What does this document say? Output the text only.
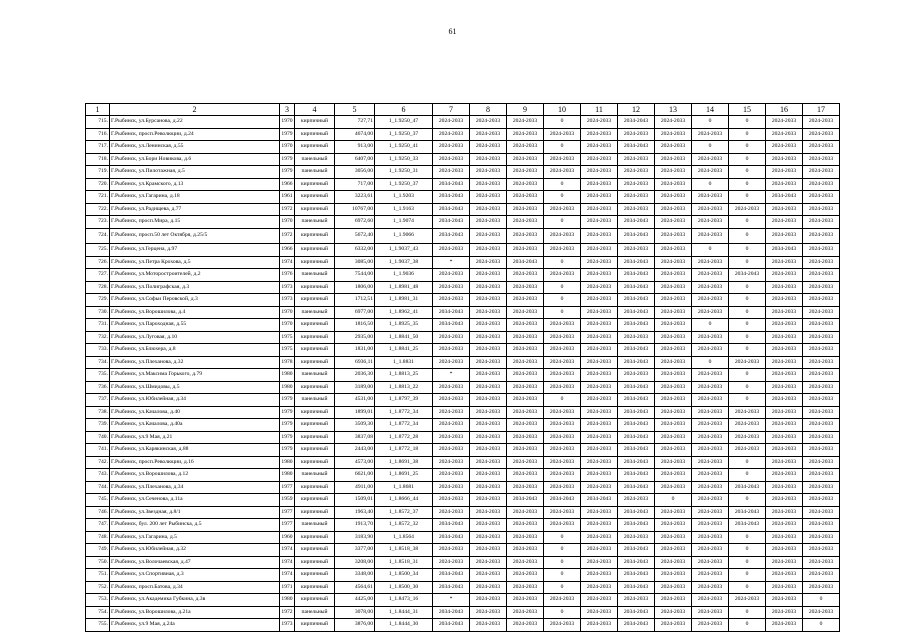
61
1	2	3	4	5	6	7	8	9	10	11	12	13	14	15	16	17
715.	Г.Рыбинск, ул.Бурсанова, д.22	1970	кирпичный	727,71	1_1.9250_47	2024-2033	2024-2033	2024-2033	0	2024-2033	2034-2043	2024-2033	0	0	2024-2033	2024-2033
716.	Г.Рыбинск, просп.Революции, д.24	1979	кирпичный	4674,00	1_1.9250_37	2024-2033	2024-2033	2024-2033	2024-2033	2024-2033	2024-2033	2024-2033	2024-2033	0	2024-2033	2024-2033
717.	Г.Рыбинск, ул.Ленинская, д.55	1970	кирпичный	913,00	1_1.9250_41	2024-2033	2024-2033	2024-2033	0	2024-2033	2034-2043	2024-2033	0	0	2024-2033	2024-2033
718.	Г.Рыбинск, ул.Бори Новикова, д.6	1979	панельный	6407,00	1_1.9250_33	2024-2033	2024-2033	2024-2033	2024-2033	2024-2033	2024-2033	2024-2033	2024-2033	0	2024-2033	2024-2033
719.	Г.Рыбинск, ул.Пилотажная, д.5	1979	панельный	3056,00	1_1.9250_31	2024-2033	2024-2033	2024-2033	2024-2033	2024-2033	2024-2033	2024-2033	2024-2033	0	2024-2033	2024-2033
720.	Г.Рыбинск, ул.Крамского, д.13	1966	кирпичный	717,00	1_1.9250_37	2034-2043	2024-2033	2024-2033	0	2024-2033	2024-2033	2024-2033	0	0	2024-2033	2024-2033
721.	Г.Рыбинск, ул.Гагарина, д.18	1961	кирпичный	3223,61	1_1.9203	2034-2043	2024-2033	2024-2033	0	2024-2033	2024-2033	2024-2033	2024-2033	0	2034-2043	2024-2033
722.	Г.Рыбинск, ул.Радищева, д.77	1972	кирпичный	10767,00	1_1.9163	2034-2043	2024-2033	2024-2033	2024-2033	2024-2033	2024-2033	2024-2033	2024-2033	2024-2033	2024-2033	2024-2033
723.	Г.Рыбинск, просп.Мира, д.15	1970	панельный	6972,60	1_1.9074	2034-2043	2024-2033	2024-2033	0	2024-2033	2034-2043	2024-2033	2024-2033	0	2024-2033	2024-2033
724.	Г.Рыбинск, просп.50 лет Октября, д.25/5	1972	кирпичный	5672,40	1_1.9066	2034-2043	2024-2033	2024-2033	2024-2033	2024-2033	2034-2043	2024-2033	2024-2033	0	2024-2033	2024-2033
725.	Г.Рыбинск, ул.Герцена, д.97	1966	кирпичный	6332,00	1_1.9037_43	2024-2033	2024-2033	2024-2033	2024-2033	2024-2033	2024-2033	2024-2033	0	0	2034-2043	2024-2033
726.	Г.Рыбинск, ул.Петра Крохова, д.5	1974	кирпичный	3085,00	1_1.9037_38	*	2024-2033	2034-2043	0	2024-2033	2034-2043	2024-2033	2024-2033	0	2024-2033	2024-2033
727.	Г.Рыбинск, ул.Моторостроителей, д.2	1976	панельный	7544,00	1_1.9036	2024-2033	2024-2033	2024-2033	2024-2033	2024-2033	2034-2043	2024-2033	2024-2033	2034-2043	2024-2033	2024-2033
728.	Г.Рыбинск, ул.Полиграфская, д.3	1973	кирпичный	1806,00	1_1.8981_48	2024-2033	2024-2033	2024-2033	0	2024-2033	2034-2043	2024-2033	2024-2033	0	2024-2033	2024-2033
729.	Г.Рыбинск, ул.Софьи Перовской, д.3	1973	кирпичный	1712,51	1_1.8981_31	2024-2033	2024-2033	2024-2033	0	2024-2033	2034-2043	2024-2033	2024-2033	0	2024-2033	2024-2033
730.	Г.Рыбинск, ул.Ворошилова, д.4	1970	панельный	6977,00	1_1.8962_41	2034-2043	2024-2033	2024-2033	0	2024-2033	2034-2043	2024-2033	2024-2033	0	2024-2033	2024-2033
731.	Г.Рыбинск, ул.Пароходная, д.55	1970	кирпичный	1816,50	1_1.8925_35	2034-2043	2024-2033	2024-2033	2024-2033	2024-2033	2034-2043	2024-2033	0	0	2024-2033	2024-2033
732.	Г.Рыбинск, ул.Луговая, д.10	1975	кирпичный	2935,00	1_1.8841_50	2024-2033	2024-2033	2024-2033	2024-2033	2024-2033	2024-2033	2024-2033	2024-2033	0	2024-2033	2024-2033
733.	Г.Рыбинск, ул.Блюхера, д.8	1975	кирпичный	1831,00	1_1.8841_25	2024-2033	2024-2033	2024-2033	2024-2033	2024-2033	2034-2043	2024-2033	2024-2033	0	2024-2033	2024-2033
734.	Г.Рыбинск, ул.Плеханова, д.32	1978	кирпичный	6936,11	1_1.8831	2024-2033	2024-2033	2024-2033	2024-2033	2024-2033	2034-2043	2024-2033	0	2024-2033	2024-2033	2024-2033
735.	Г.Рыбинск, ул.Максима Горького, д.79	1980	панельный	2036,30	1_1.8813_25	*	2024-2033	2024-2033	2024-2033	2024-2033	2024-2033	2024-2033	2024-2033	0	2024-2033	2024-2033
736.	Г.Рыбинск, ул.Шмидовы, д.5	1980	кирпичный	3189,00	1_1.8813_22	2024-2033	2024-2033	2024-2033	2024-2033	2024-2033	2034-2043	2024-2033	2024-2033	0	2024-2033	2024-2033
737.	Г.Рыбинск, ул.Юбилейная, д.34	1979	панельный	4531,00	1_1.8797_39	2024-2033	2024-2033	2024-2033	0	2024-2033	2034-2043	2024-2033	2024-2033	0	2024-2033	2024-2033
738.	Г.Рыбинск, ул.Качалова, д.40	1979	кирпичный	1899,01	1_1.8772_34	2024-2033	2024-2033	2024-2033	2024-2033	2024-2033	2034-2043	2024-2033	2024-2033	2024-2033	2024-2033	2024-2033
739.	Г.Рыбинск, ул.Качалова, д.40а	1979	кирпичный	3509,30	1_1.8772_34	2024-2033	2024-2033	2024-2033	2024-2033	2024-2033	2034-2043	2024-2033	2024-2033	2024-2033	2024-2033	2024-2033
740.	Г.Рыбинск, ул.9 Мая, д.21	1979	кирпичный	3837,08	1_1.8772_28	2024-2033	2024-2033	2024-2033	2024-2033	2024-2033	2034-2043	2024-2033	2024-2033	2024-2033	2024-2033	2024-2033
741.	Г.Рыбинск, ул.Карякинская, д.88	1979	кирпичный	2443,00	1_1.8772_18	2024-2033	2024-2033	2024-2033	2024-2033	2024-2033	2034-2043	2024-2033	2024-2033	2024-2033	2024-2033	2024-2033
742.	Г.Рыбинск, просп.Революции, д.16	1980	кирпичный	4573,00	1_1.8691_38	2024-2033	2024-2033	2024-2033	2024-2033	2024-2033	2034-2043	2024-2033	2024-2033	0	2024-2033	2024-2033
743.	Г.Рыбинск, ул.Ворошилова, д.12	1980	панельный	6621,00	1_1.8691_25	2024-2033	2024-2033	2024-2033	2024-2033	2024-2033	2034-2043	2024-2033	2024-2033	0	2024-2033	2024-2033
744.	Г.Рыбинск, ул.Плеханова, д.34	1977	кирпичный	4911,00	1_1.8681	2024-2033	2024-2033	2024-2033	2024-2033	2024-2033	2034-2043	2024-2033	2024-2033	2034-2043	2024-2033	2024-2033
745.	Г.Рыбинск, ул.Сеченова, д.11а	1959	кирпичный	1509,01	1_1.8666_44	2024-2033	2024-2033	2034-2043	2034-2043	2034-2043	2024-2033	0	2024-2033	0	2024-2033	2024-2033
746.	Г.Рыбинск, ул.Звездная, д.8/1	1977	кирпичный	1963,40	1_1.8572_37	2024-2033	2024-2033	2024-2033	2024-2033	2024-2033	2034-2043	2024-2033	2024-2033	2034-2043	2024-2033	2024-2033
747.	Г.Рыбинск, бул. 200 лет Рыбинска, д.5	1977	панельный	1913,70	1_1.8572_32	2034-2043	2024-2033	2024-2033	2024-2033	2024-2033	2034-2043	2024-2033	2024-2033	2034-2043	2024-2033	2024-2033
748.	Г.Рыбинск, ул.Гагарина, д.5	1960	кирпичный	3183,90	1_1.8564	2034-2043	2024-2033	2024-2033	0	2024-2033	2024-2033	2024-2033	2024-2033	0	2024-2033	2024-2033
749.	Г.Рыбинск, ул.Юбилейная, д.32	1974	кирпичный	3377,00	1_1.8518_38	2024-2033	2024-2033	2024-2033	0	2024-2033	2034-2043	2024-2033	2024-2033	0	2024-2033	2024-2033
750.	Г.Рыбинск, ул.Волочаевская, д.47	1974	кирпичный	3208,00	1_1.8518_31	2024-2033	2024-2033	2024-2033	0	2024-2033	2034-2043	2024-2033	2024-2033	0	2024-2033	2024-2033
751.	Г.Рыбинск, ул.Спортивная, д.3	1974	кирпичный	3348,00	1_1.8500_34	2034-2043	2024-2033	2024-2033	0	2024-2033	2034-2043	2024-2033	2024-2033	0	2024-2033	2024-2033
752.	Г.Рыбинск, просп.Батова, д.34	1971	кирпичный	4564,61	1_1.8500_30	2034-2043	2024-2033	2024-2033	0	2024-2033	2034-2043	2024-2033	2024-2033	0	2024-2033	2024-2033
753.	Г.Рыбинск, ул.Академика Губкина, д.3в	1980	кирпичный	4425,00	1_1.8473_16	*	2024-2033	2024-2033	2024-2033	2024-2033	2024-2033	2024-2033	2024-2033	2024-2033	2024-2033	0
754.	Г.Рыбинск, ул.Ворошилова, д.21а	1972	панельный	3078,00	1_1.8444_31	2034-2043	2024-2033	2024-2033	0	2024-2033	2034-2043	2024-2033	2024-2033	0	2024-2033	2024-2033
755.	Г.Рыбинск, ул.9 Мая, д.24а	1973	кирпичный	3876,00	1_1.8444_30	2034-2043	2024-2033	2024-2033	2024-2033	2024-2033	2034-2043	2024-2033	2024-2033	0	2024-2033	0
